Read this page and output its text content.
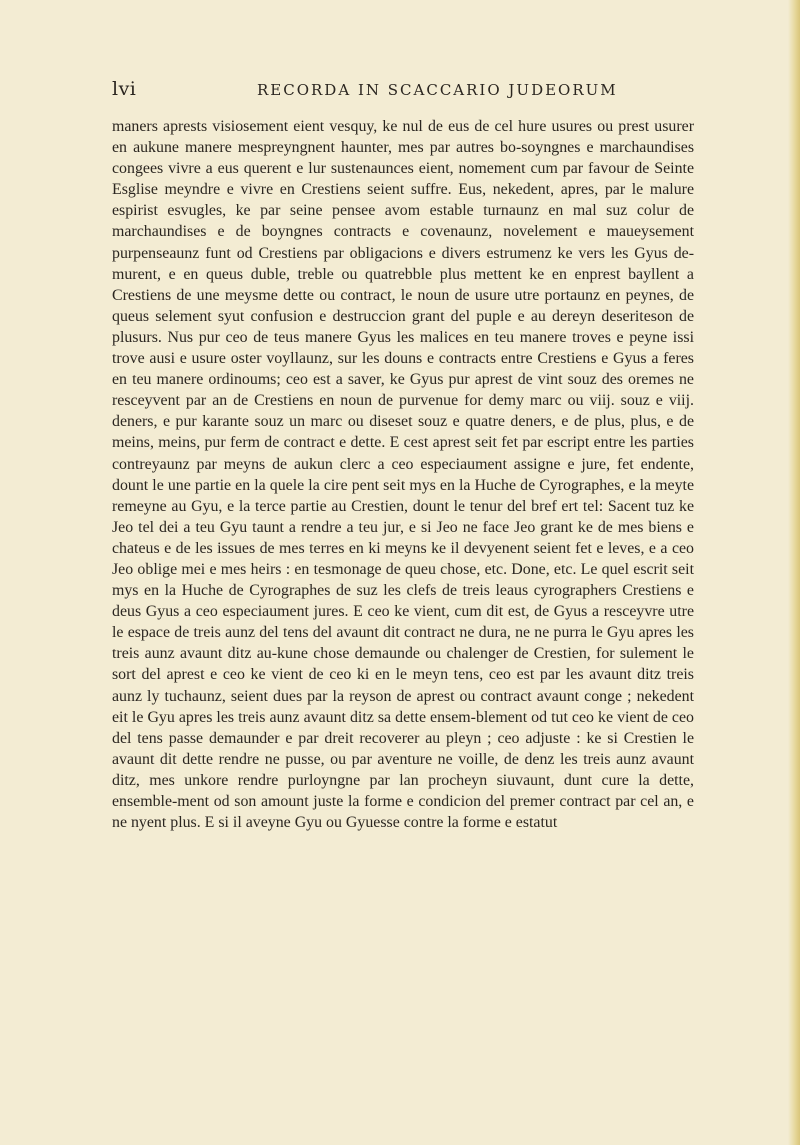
lvi	RECORDA IN SCACCARIO JUDEORUM

maners aprests visiosement eient vesquy, ke nul de eus de cel hure usures ou prest usurer en aukune manere mespreyngnent haunter, mes par autres bo-soyngnes e marchaundises congees vivre a eus querent e lur sustenaunces eient, nomement cum par favour de Seinte Esglise meyndre e vivre en Crestiens seient suffre. Eus, nekedent, apres, par le malure espirist esvugles, ke par seine pensee avom estable turnaunz en mal suz colur de marchaundises e de boyngnes contracts e covenaunz, novelement e maueysement purpenseaunz funt od Crestiens par obligacions e divers estrumenz ke vers les Gyus de-murent, e en queus duble, treble ou quatrebble plus mettent ke en enprest bayllent a Crestiens de une meysme dette ou contract, le noun de usure utre portaunz en peynes, de queus selement syut confusion e destruccion grant del puple e au dereyn deseriteson de plusurs. Nus pur ceo de teus manere Gyus les malices en teu manere troves e peyne issi trove ausi e usure oster voyllaunz, sur les douns e contracts entre Crestiens e Gyus a feres en teu manere ordinoums; ceo est a saver, ke Gyus pur aprest de vint souz des oremes ne resceyvent par an de Crestiens en noun de purvenue for demy marc ou viij. souz e viij. deners, e pur karante souz un marc ou diseset souz e quatre deners, e de plus, plus, e de meins, meins, pur ferm de contract e dette. E cest aprest seit fet par escript entre les parties contreyaunz par meyns de aukun clerc a ceo especiaument assigne e jure, fet endente, dount le une partie en la quele la cire pent seit mys en la Huche de Cyrographes, e la meyte remeyne au Gyu, e la terce partie au Crestien, dount le tenur del bref ert tel: Sacent tuz ke Jeo tel dei a teu Gyu taunt a rendre a teu jur, e si Jeo ne face Jeo grant ke de mes biens e chateus e de les issues de mes terres en ki meyns ke il devyenent seient fet e leves, e a ceo Jeo oblige mei e mes heirs : en tesmonage de queu chose, etc. Done, etc. Le quel escrit seit mys en la Huche de Cyrographes de suz les clefs de treis leaus cyrographers Crestiens e deus Gyus a ceo especiaument jures. E ceo ke vient, cum dit est, de Gyus a resceyvre utre le espace de treis aunz del tens del avaunt dit contract ne dura, ne ne purra le Gyu apres les treis aunz avaunt ditz au-kune chose demaunde ou chalenger de Crestien, for sulement le sort del aprest e ceo ke vient de ceo ki en le meyn tens, ceo est par les avaunt ditz treis aunz ly tuchaunz, seient dues par la reyson de aprest ou contract avaunt conge ; nekedent eit le Gyu apres les treis aunz avaunt ditz sa dette ensem-blement od tut ceo ke vient de ceo del tens passe demaunder e par dreit recoverer au pleyn ; ceo adjuste : ke si Crestien le avaunt dit dette rendre ne pusse, ou par aventure ne voille, de denz les treis aunz avaunt ditz, mes unkore rendre purloyngne par lan procheyn siuvaunt, dunt cure la dette, ensemble-ment od son amount juste la forme e condicion del premer contract par cel an, e ne nyent plus. E si il aveyne Gyu ou Gyuesse contre la forme e estatut
